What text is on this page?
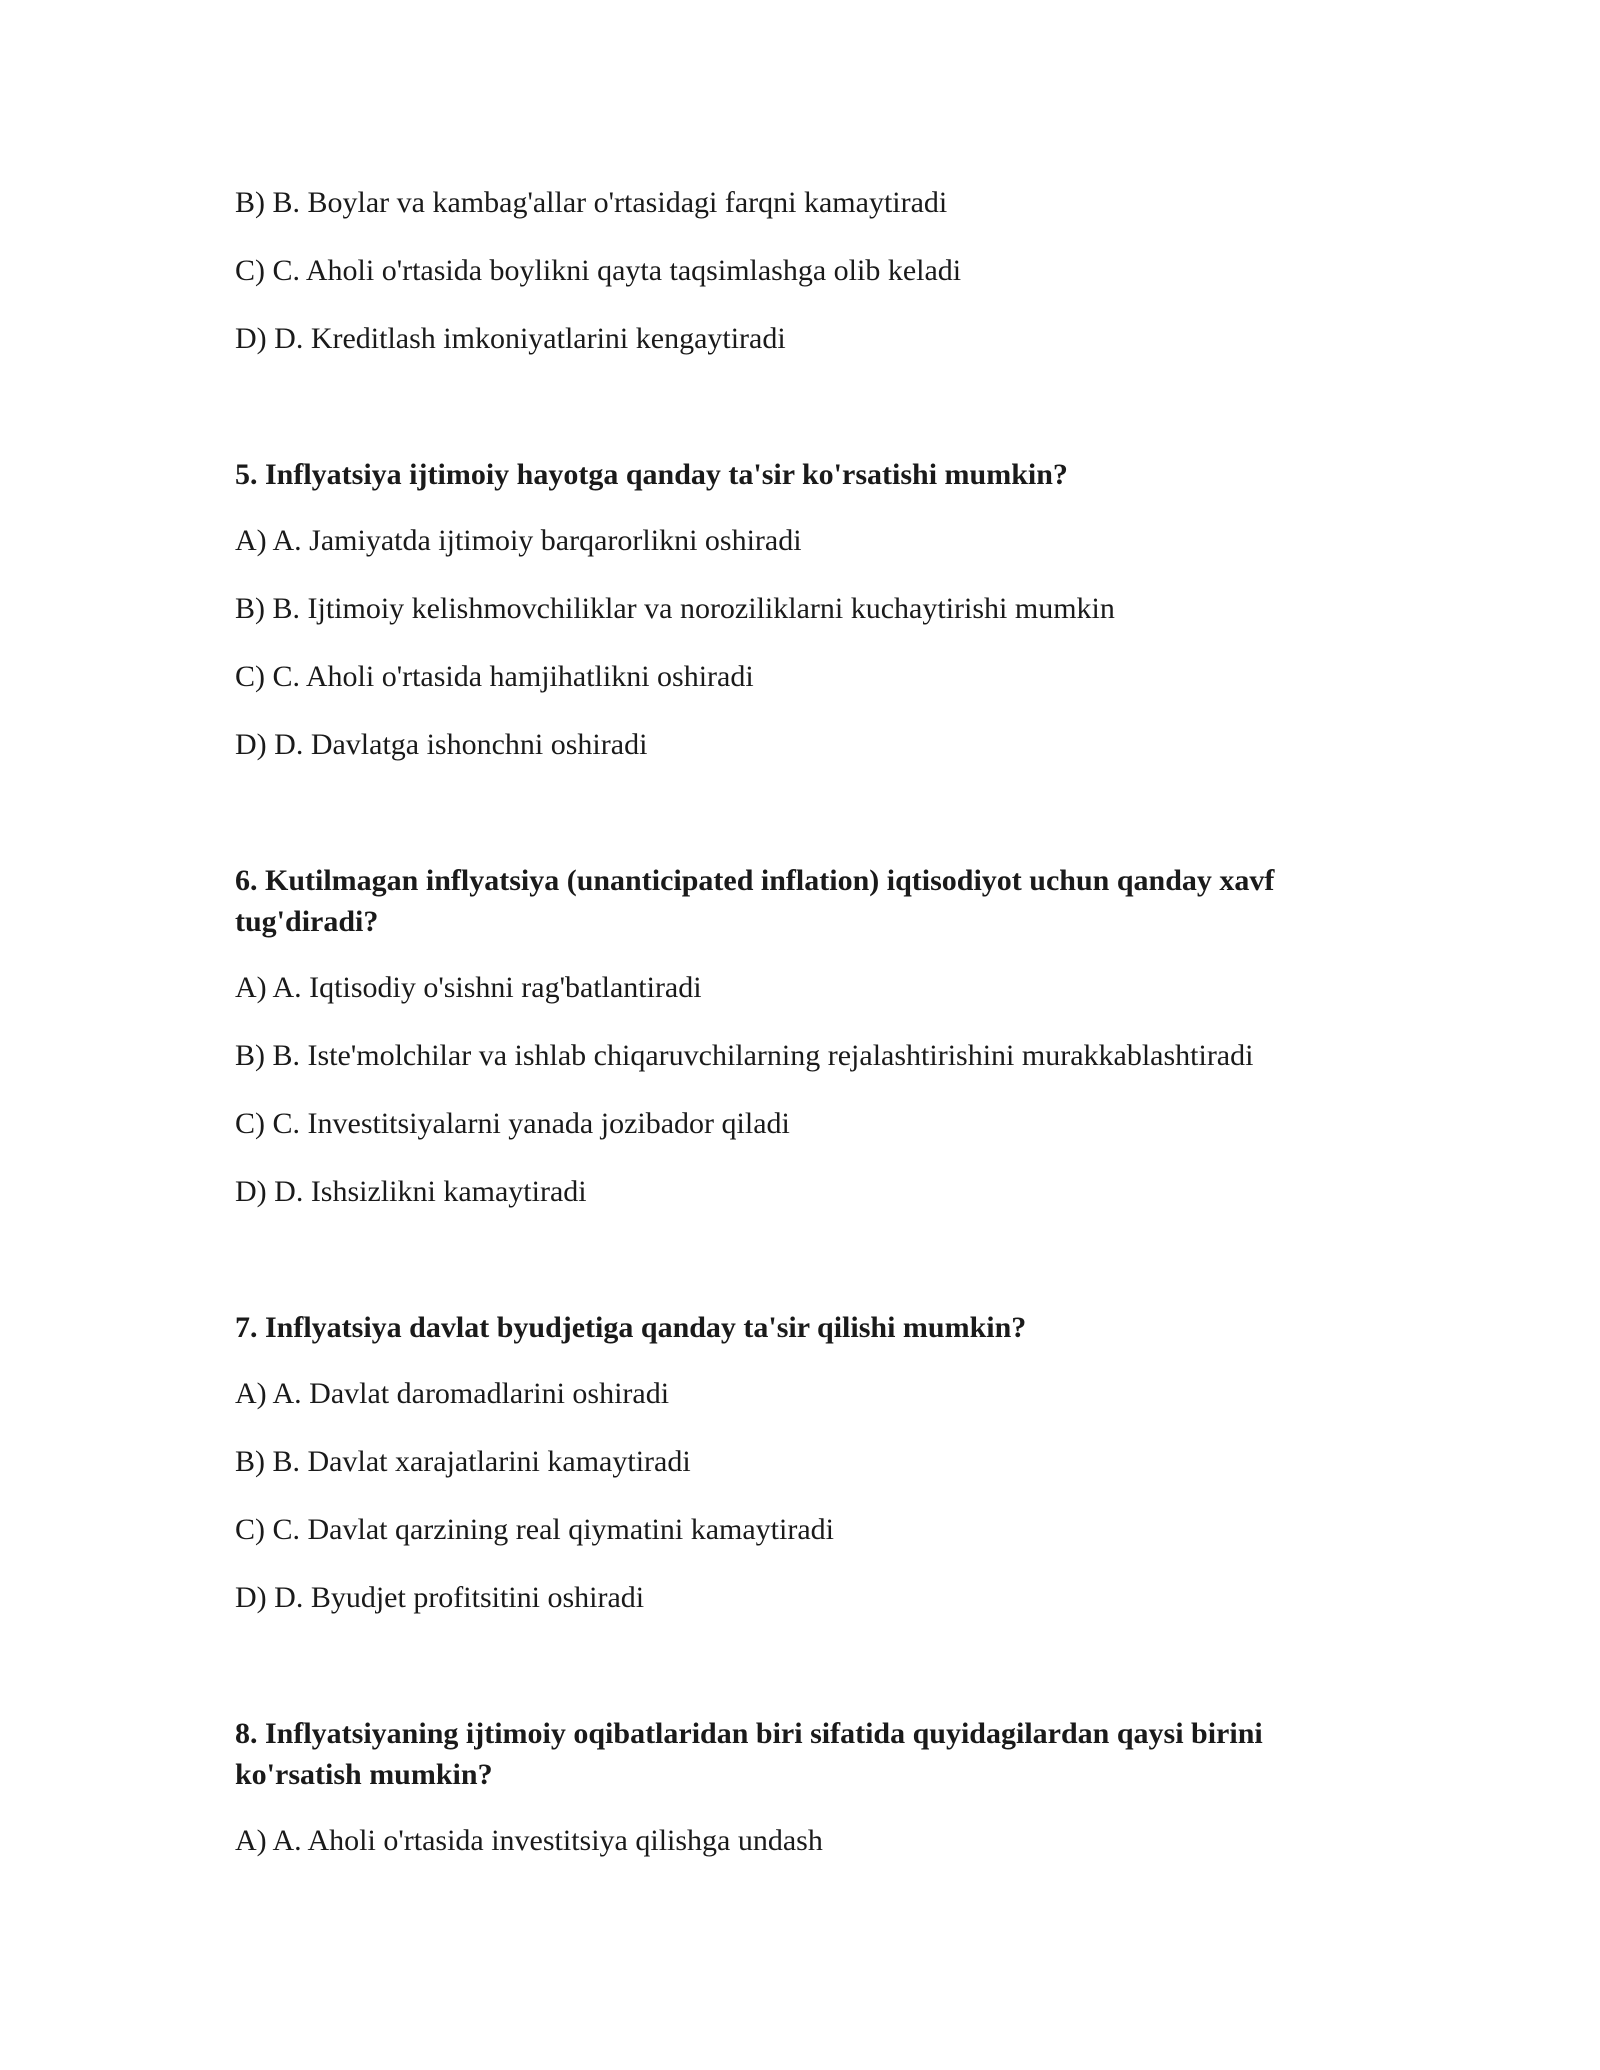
B) B. Boylar va kambag'allar o'rtasidagi farqni kamaytiradi
C) C. Aholi o'rtasida boylikni qayta taqsimlashga olib keladi
D) D. Kreditlash imkoniyatlarini kengaytiradi
5. Inflyatsiya ijtimoiy hayotga qanday ta'sir ko'rsatishi mumkin?
A) A. Jamiyatda ijtimoiy barqarorlikni oshiradi
B) B. Ijtimoiy kelishmovchiliklar va noroziliklarni kuchaytirishi mumkin
C) C. Aholi o'rtasida hamjihatlikni oshiradi
D) D. Davlatga ishonchni oshiradi
6. Kutilmagan inflyatsiya (unanticipated inflation) iqtisodiyot uchun qanday xavf tug'diradi?
A) A. Iqtisodiy o'sishni rag'batlantiradi
B) B. Iste'molchilar va ishlab chiqaruvchilarning rejalashtirishini murakkablashtiradi
C) C. Investitsiyalarni yanada jozibador qiladi
D) D. Ishsizlikni kamaytiradi
7. Inflyatsiya davlat byudjetiga qanday ta'sir qilishi mumkin?
A) A. Davlat daromadlarini oshiradi
B) B. Davlat xarajatlarini kamaytiradi
C) C. Davlat qarzining real qiymatini kamaytiradi
D) D. Byudjet profitsitini oshiradi
8. Inflyatsiyaning ijtimoiy oqibatlaridan biri sifatida quyidagilardan qaysi birini ko'rsatish mumkin?
A) A. Aholi o'rtasida investitsiya qilishga undash
